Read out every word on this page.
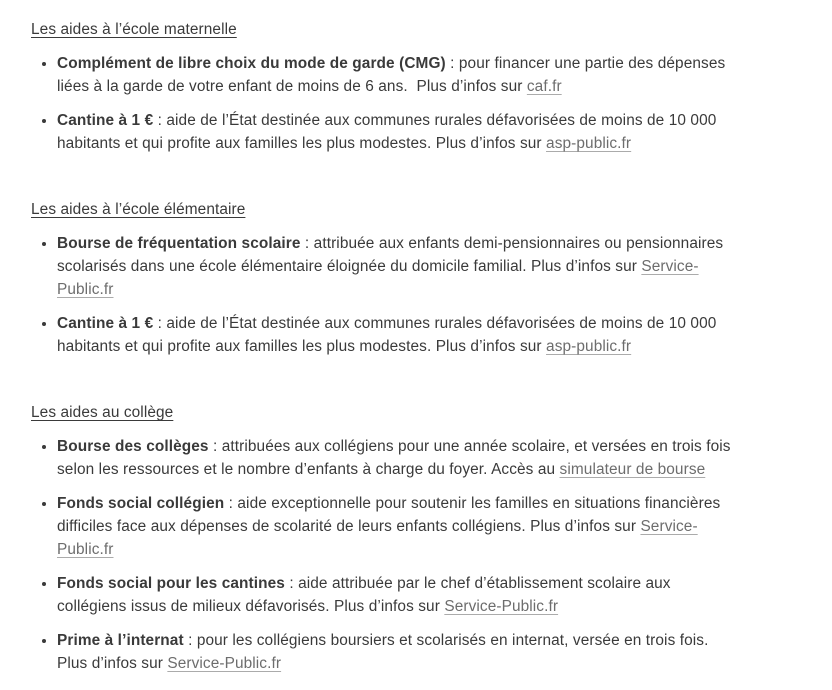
Les aides à l’école maternelle
• Complément de libre choix du mode de garde (CMG) : pour financer une partie des dépenses liées à la garde de votre enfant de moins de 6 ans.  Plus d’infos sur caf.fr
• Cantine à 1 € : aide de l’État destinée aux communes rurales défavorisées de moins de 10 000 habitants et qui profite aux familles les plus modestes. Plus d’infos sur asp-public.fr
Les aides à l’école élémentaire
• Bourse de fréquentation scolaire : attribuée aux enfants demi-pensionnaires ou pensionnaires scolarisés dans une école élémentaire éloignée du domicile familial. Plus d’infos sur Service-Public.fr
• Cantine à 1 € : aide de l’État destinée aux communes rurales défavorisées de moins de 10 000 habitants et qui profite aux familles les plus modestes. Plus d’infos sur asp-public.fr
Les aides au collège
• Bourse des collèges : attribuées aux collégiens pour une année scolaire, et versées en trois fois selon les ressources et le nombre d’enfants à charge du foyer. Accès au simulateur de bourse
• Fonds social collégien : aide exceptionnelle pour soutenir les familles en situations financières difficiles face aux dépenses de scolarité de leurs enfants collégiens. Plus d’infos sur Service-Public.fr
• Fonds social pour les cantines : aide attribuée par le chef d’établissement scolaire aux collégiens issus de milieux défavorisés. Plus d’infos sur Service-Public.fr
• Prime à l’internat : pour les collégiens boursiers et scolarisés en internat, versée en trois fois. Plus d’infos sur Service-Public.fr
